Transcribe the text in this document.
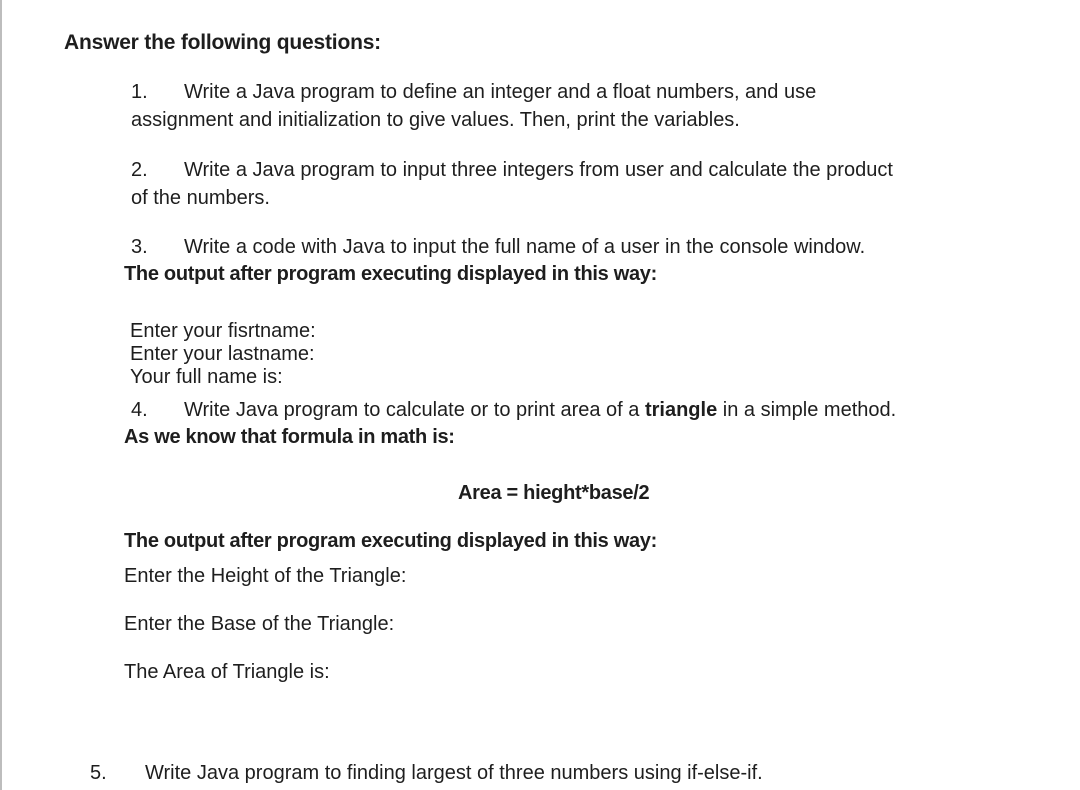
Answer the following questions:
1. Write a Java program to define an integer and a float numbers, and use
assignment and initialization to give values. Then, print the variables.
2. Write a Java program to input three integers from user and calculate the product
of the numbers.
3. Write a code with Java to input the full name of a user in the console window.
The output after program executing displayed in this way:
Enter your fisrtname:
Enter your lastname:
Your full name is:
4. Write Java program to calculate or to print area of a triangle in a simple method.
As we know that formula in math is:
Area = hieght*base/2
The output after program executing displayed in this way:
Enter the Height of the Triangle:
Enter the Base of the Triangle:
The Area of Triangle is:
5. Write Java program to finding largest of three numbers using if-else-if.
